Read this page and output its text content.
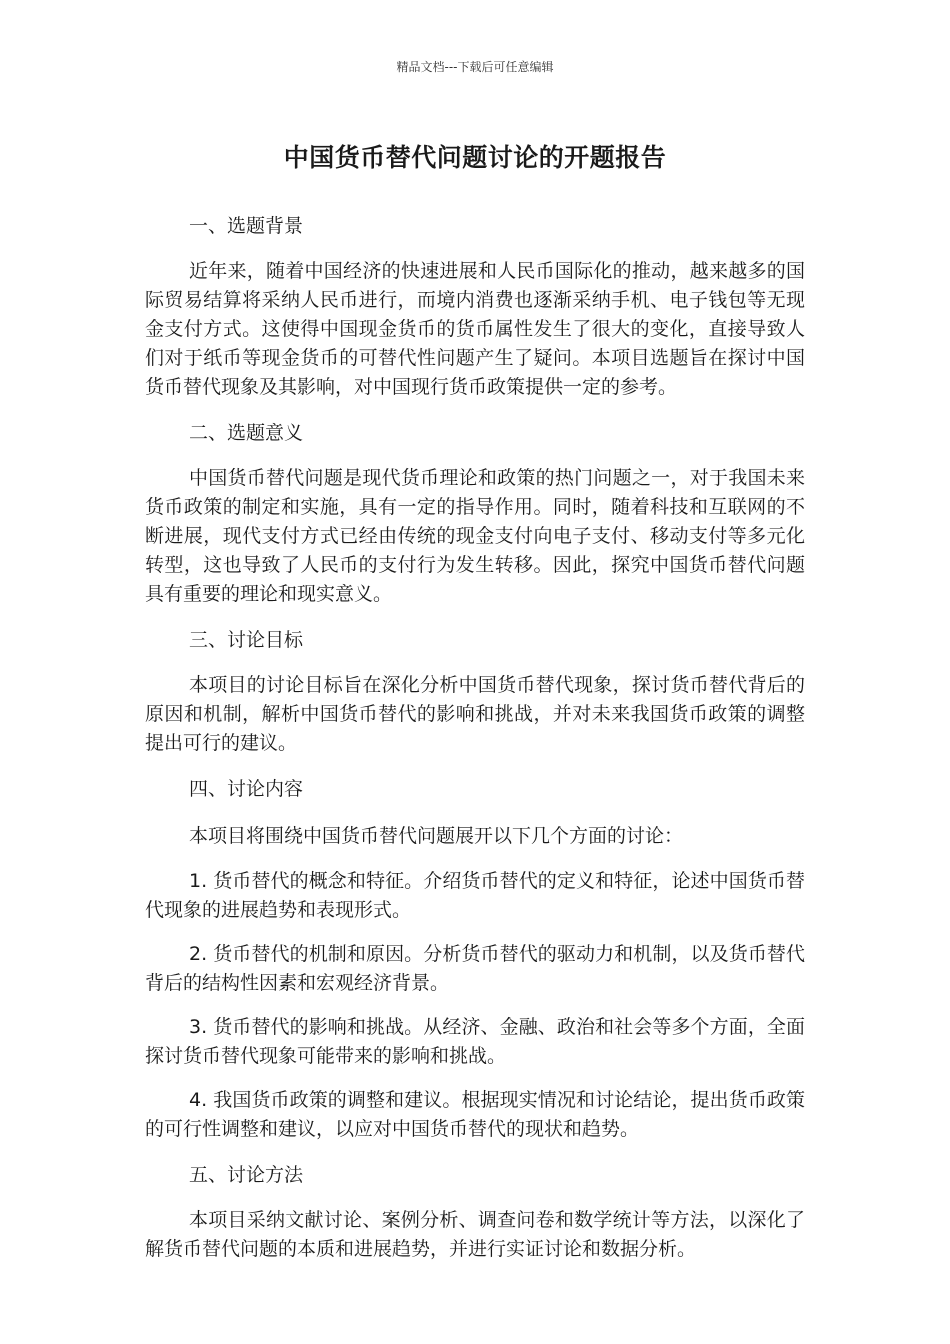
精品文档---下载后可任意编辑
中国货币替代问题讨论的开题报告

一、选题背景

近年来，随着中国经济的快速进展和人民币国际化的推动，越来越多的国际贸易结算将采纳人民币进行，而境内消费也逐渐采纳手机、电子钱包等无现金支付方式。这使得中国现金货币的货币属性发生了很大的变化，直接导致人们对于纸币等现金货币的可替代性问题产生了疑问。本项目选题旨在探讨中国货币替代现象及其影响，对中国现行货币政策提供一定的参考。

二、选题意义

中国货币替代问题是现代货币理论和政策的热门问题之一，对于我国未来货币政策的制定和实施，具有一定的指导作用。同时，随着科技和互联网的不断进展，现代支付方式已经由传统的现金支付向电子支付、移动支付等多元化转型，这也导致了人民币的支付行为发生转移。因此，探究中国货币替代问题具有重要的理论和现实意义。

三、讨论目标

本项目的讨论目标旨在深化分析中国货币替代现象，探讨货币替代背后的原因和机制，解析中国货币替代的影响和挑战，并对未来我国货币政策的调整提出可行的建议。

四、讨论内容

本项目将围绕中国货币替代问题展开以下几个方面的讨论：

1. 货币替代的概念和特征。介绍货币替代的定义和特征，论述中国货币替代现象的进展趋势和表现形式。

2. 货币替代的机制和原因。分析货币替代的驱动力和机制，以及货币替代背后的结构性因素和宏观经济背景。

3. 货币替代的影响和挑战。从经济、金融、政治和社会等多个方面，全面探讨货币替代现象可能带来的影响和挑战。

4. 我国货币政策的调整和建议。根据现实情况和讨论结论，提出货币政策的可行性调整和建议，以应对中国货币替代的现状和趋势。

五、讨论方法

本项目采纳文献讨论、案例分析、调查问卷和数学统计等方法，以深化了解货币替代问题的本质和进展趋势，并进行实证讨论和数据分析。
